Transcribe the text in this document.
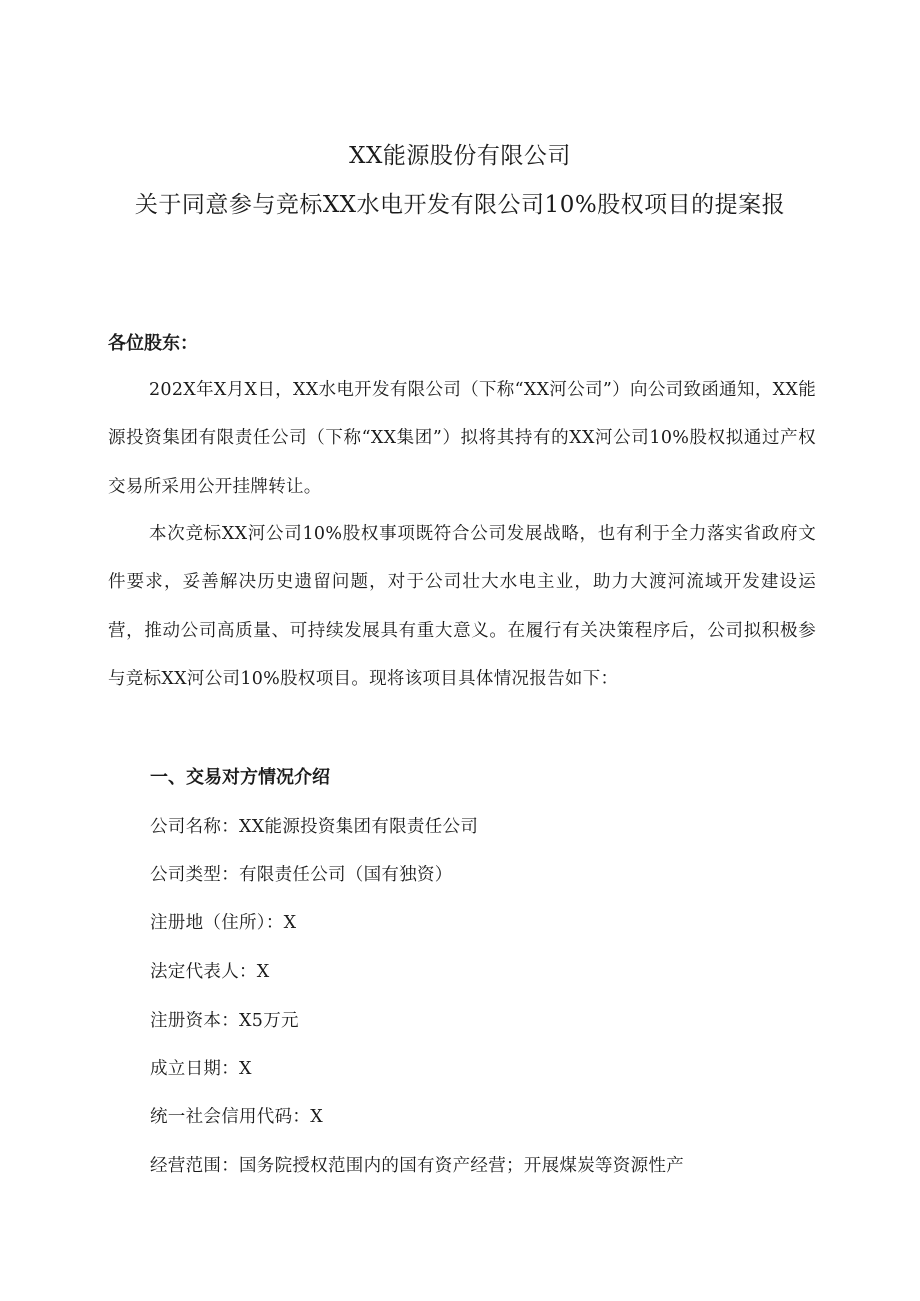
XX能源股份有限公司
关于同意参与竞标XX水电开发有限公司10%股权项目的提案报
各位股东：
202X年X月X日，XX水电开发有限公司（下称“XX河公司”）向公司致函通知，XX能源投资集团有限责任公司（下称“XX集团”）拟将其持有的XX河公司10%股权拟通过产权交易所采用公开挂牌转让。
本次竞标XX河公司10%股权事项既符合公司发展战略，也有利于全力落实省政府文件要求，妥善解决历史遗留问题，对于公司壮大水电主业，助力大渡河流域开发建设运营，推动公司高质量、可持续发展具有重大意义。在履行有关决策程序后，公司拟积极参与竞标XX河公司10%股权项目。现将该项目具体情况报告如下：
一、交易对方情况介绍
公司名称：XX能源投资集团有限责任公司
公司类型：有限责任公司（国有独资）
注册地（住所）：X
法定代表人：X
注册资本：X5万元
成立日期：X
统一社会信用代码：X
经营范围：国务院授权范围内的国有资产经营；开展煤炭等资源性产
